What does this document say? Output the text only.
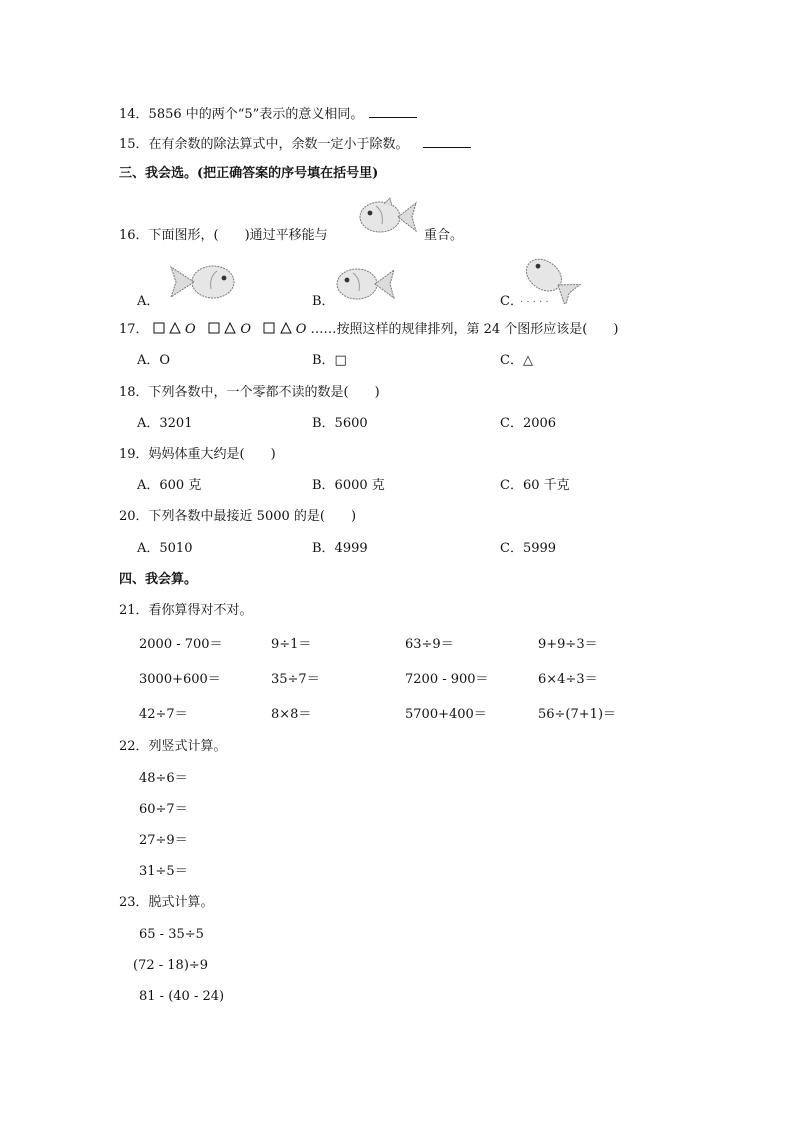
14．5856 中的两个“5”表示的意义相同。
15．在有余数的除法算式中，余数一定小于除数。
三、我会选。(把正确答案的序号填在括号里)
16．下面图形，(　　)通过平移能与	重合。
A．	B．	C．
. . . . .
17．	O	O	O ……按照这样的规律排列，第 24 个图形应该是(　　)
A．O	B．□	C．△
18．下列各数中，一个零都不读的数是(　　)
A．3201	B．5600	C．2006
19．妈妈体重大约是(　　)
A．600 克	B．6000 克	C．60 千克
20．下列各数中最接近 5000 的是(　　)
A．5010	B．4999	C．5999
四、我会算。
21．看你算得对不对。
2000 - 700＝	9÷1＝	63÷9＝	9+9÷3＝
3000+600＝	35÷7＝	7200 - 900＝	6×4÷3＝
42÷7＝	8×8＝	5700+400＝	56÷(7+1)＝
22．列竖式计算。
48÷6＝
60÷7＝
27÷9＝
31÷5＝
23．脱式计算。
65 - 35÷5
(72 - 18)÷9
81 - (40 - 24)
